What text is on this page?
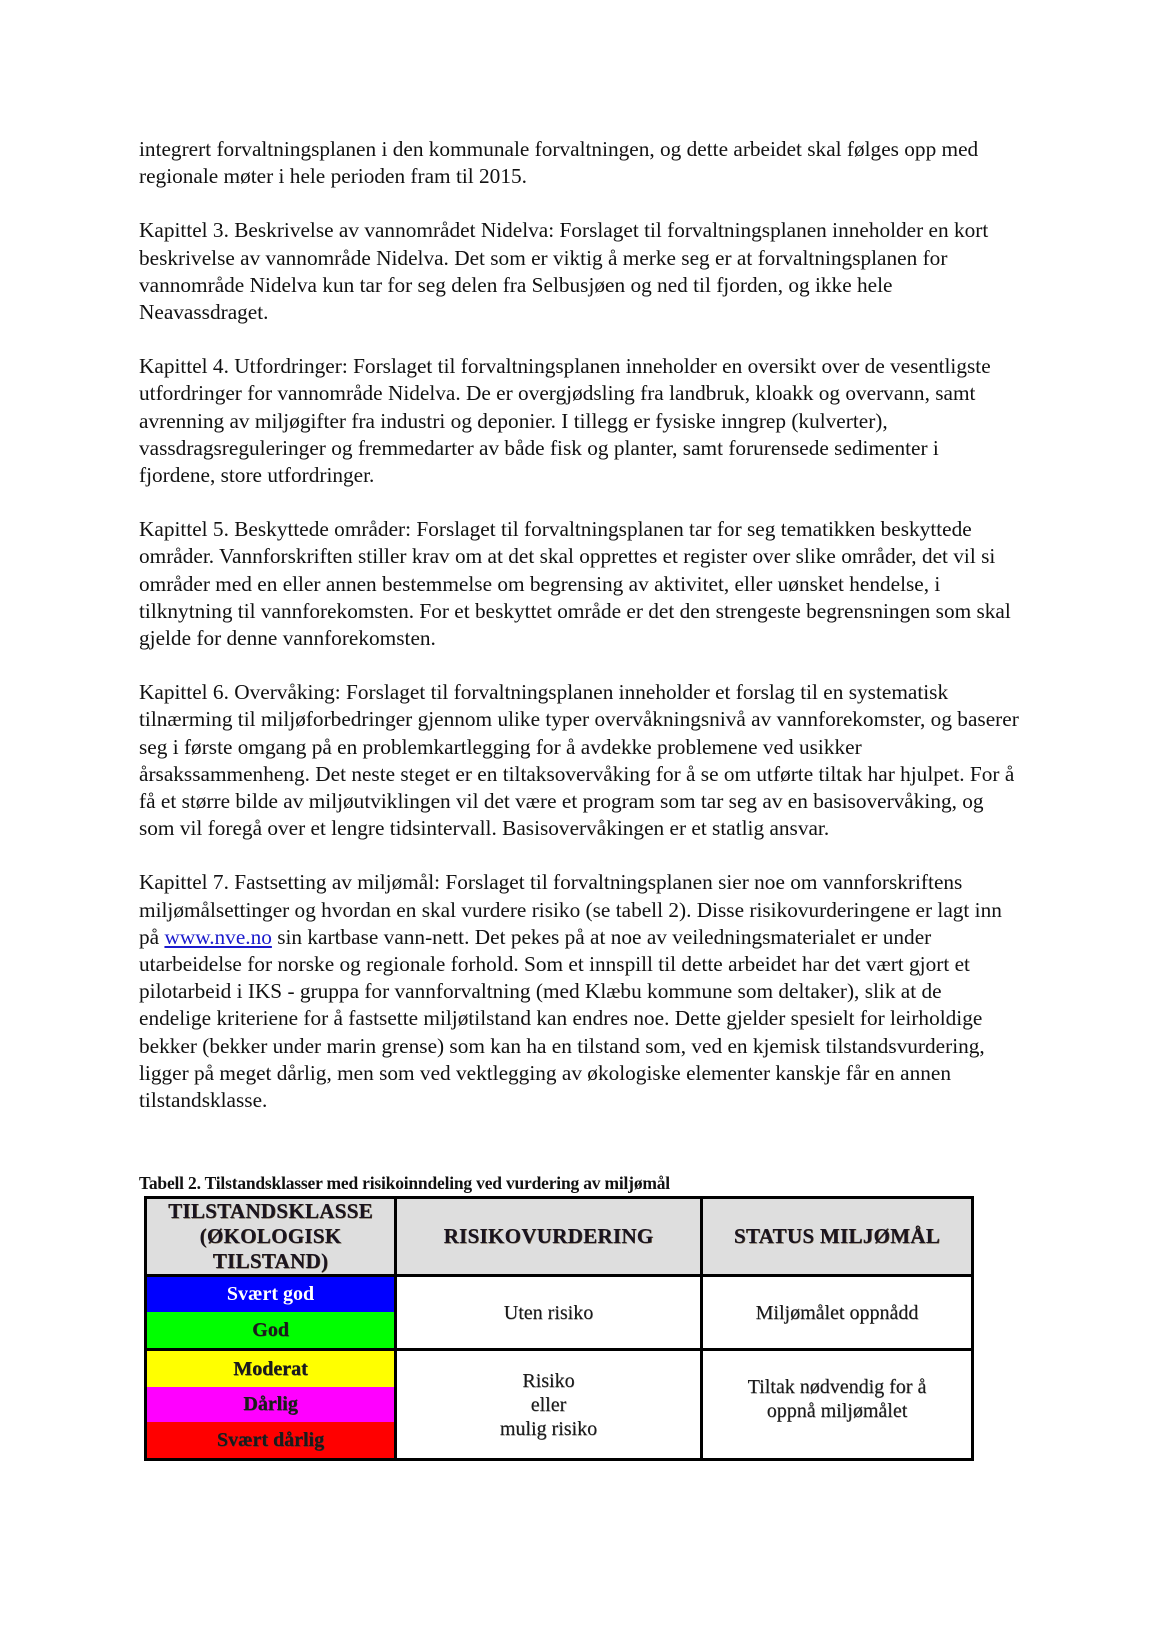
integrert forvaltningsplanen i den kommunale forvaltningen, og dette arbeidet skal følges opp med regionale møter i hele perioden fram til 2015.

Kapittel 3. Beskrivelse av vannområdet Nidelva: Forslaget til forvaltningsplanen inneholder en kort beskrivelse av vannområde Nidelva. Det som er viktig å merke seg er at forvaltningsplanen for vannområde Nidelva kun tar for seg delen fra Selbusjøen og ned til fjorden, og ikke hele Neavassdraget.

Kapittel 4. Utfordringer: Forslaget til forvaltningsplanen inneholder en oversikt over de vesentligste utfordringer for vannområde Nidelva. De er overgjødsling fra landbruk, kloakk og overvann, samt avrenning av miljøgifter fra industri og deponier. I tillegg er fysiske inngrep (kulverter), vassdragsreguleringer og fremmedarter av både fisk og planter, samt forurensede sedimenter i fjordene, store utfordringer.

Kapittel 5. Beskyttede områder: Forslaget til forvaltningsplanen tar for seg tematikken beskyttede områder. Vannforskriften stiller krav om at det skal opprettes et register over slike områder, det vil si områder med en eller annen bestemmelse om begrensing av aktivitet, eller uønsket hendelse, i tilknytning til vannforekomsten. For et beskyttet område er det den strengeste begrensningen som skal gjelde for denne vannforekomsten.

Kapittel 6. Overvåking: Forslaget til forvaltningsplanen inneholder et forslag til en systematisk tilnærming til miljøforbedringer gjennom ulike typer overvåkningsnivå av vannforekomster, og baserer seg i første omgang på en problemkartlegging for å avdekke problemene ved usikker årsakssammenheng. Det neste steget er en tiltaksovervåking for å se om utførte tiltak har hjulpet. For å få et større bilde av miljøutviklingen vil det være et program som tar seg av en basisovervåking, og som vil foregå over et lengre tidsintervall. Basisovervåkingen er et statlig ansvar.

Kapittel 7. Fastsetting av miljømål: Forslaget til forvaltningsplanen sier noe om vannforskriftens miljømålsettinger og hvordan en skal vurdere risiko (se tabell 2). Disse risikovurderingene er lagt inn på www.nve.no sin kartbase vann-nett. Det pekes på at noe av veiledningsmaterialet er under utarbeidelse for norske og regionale forhold. Som et innspill til dette arbeidet har det vært gjort et pilotarbeid i IKS - gruppa for vannforvaltning (med Klæbu kommune som deltaker), slik at de endelige kriteriene for å fastsette miljøtilstand kan endres noe. Dette gjelder spesielt for leirholdige bekker (bekker under marin grense) som kan ha en tilstand som, ved en kjemisk tilstandsvurdering, ligger på meget dårlig, men som ved vektlegging av økologiske elementer kanskje får en annen tilstandsklasse.

Tabell 2. Tilstandsklasser med risikoinndeling ved vurdering av miljømål
TILSTANDSKLASSE (ØKOLOGISK TILSTAND)
RISIKOVURDERING	STATUS MILJØMÅL
Svært god
God
Moderat
Dårlig
Svært dårlig
Uten risiko	Miljømålet oppnådd
Risiko
eller
mulig risiko
Tiltak nødvendig for å
oppnå miljømålet
